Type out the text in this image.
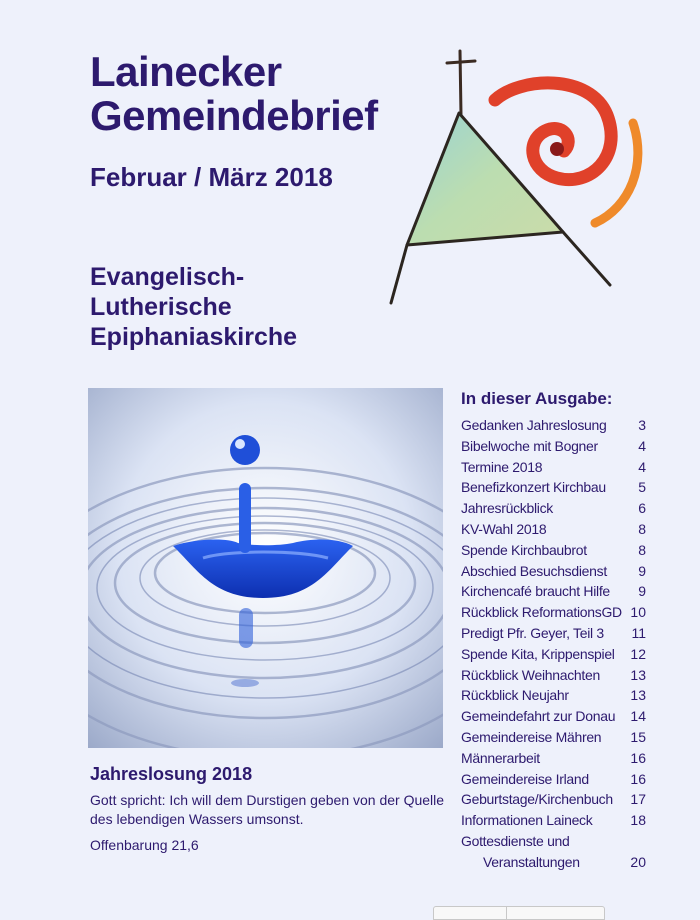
Lainecker
Gemeindebrief

Februar / März 2018

Evangelisch-
Lutherische
Epiphaniaskirche
Jahreslosung 2018

Gott spricht: Ich will dem Durstigen geben von der Quelle des lebendigen Wassers umsonst.

Offenbarung 21,6

In dieser Ausgabe:
Gedanken Jahreslosung 3
Bibelwoche mit Bogner	4
Termine 2018	4
Benefizkonzert Kirchbau 5
Jahresrückblick	6
KV-Wahl 2018	8
Spende Kirchbaubrot	8
Abschied Besuchsdienst 9
Kirchencafé braucht Hilfe 9
Rückblick ReformationsGD 10
Predigt Pfr. Geyer, Teil 3 11
Spende Kita, Krippenspiel 12
Rückblick Weihnachten 13
Rückblick Neujahr	13
Gemeindefahrt zur Donau 14
Gemeindereise Mähren 15
Männerarbeit	16
Gemeindereise Irland	16
Geburtstage/Kirchenbuch 17
Informationen Laineck	18
Gottesdienste und
Veranstaltungen	20
